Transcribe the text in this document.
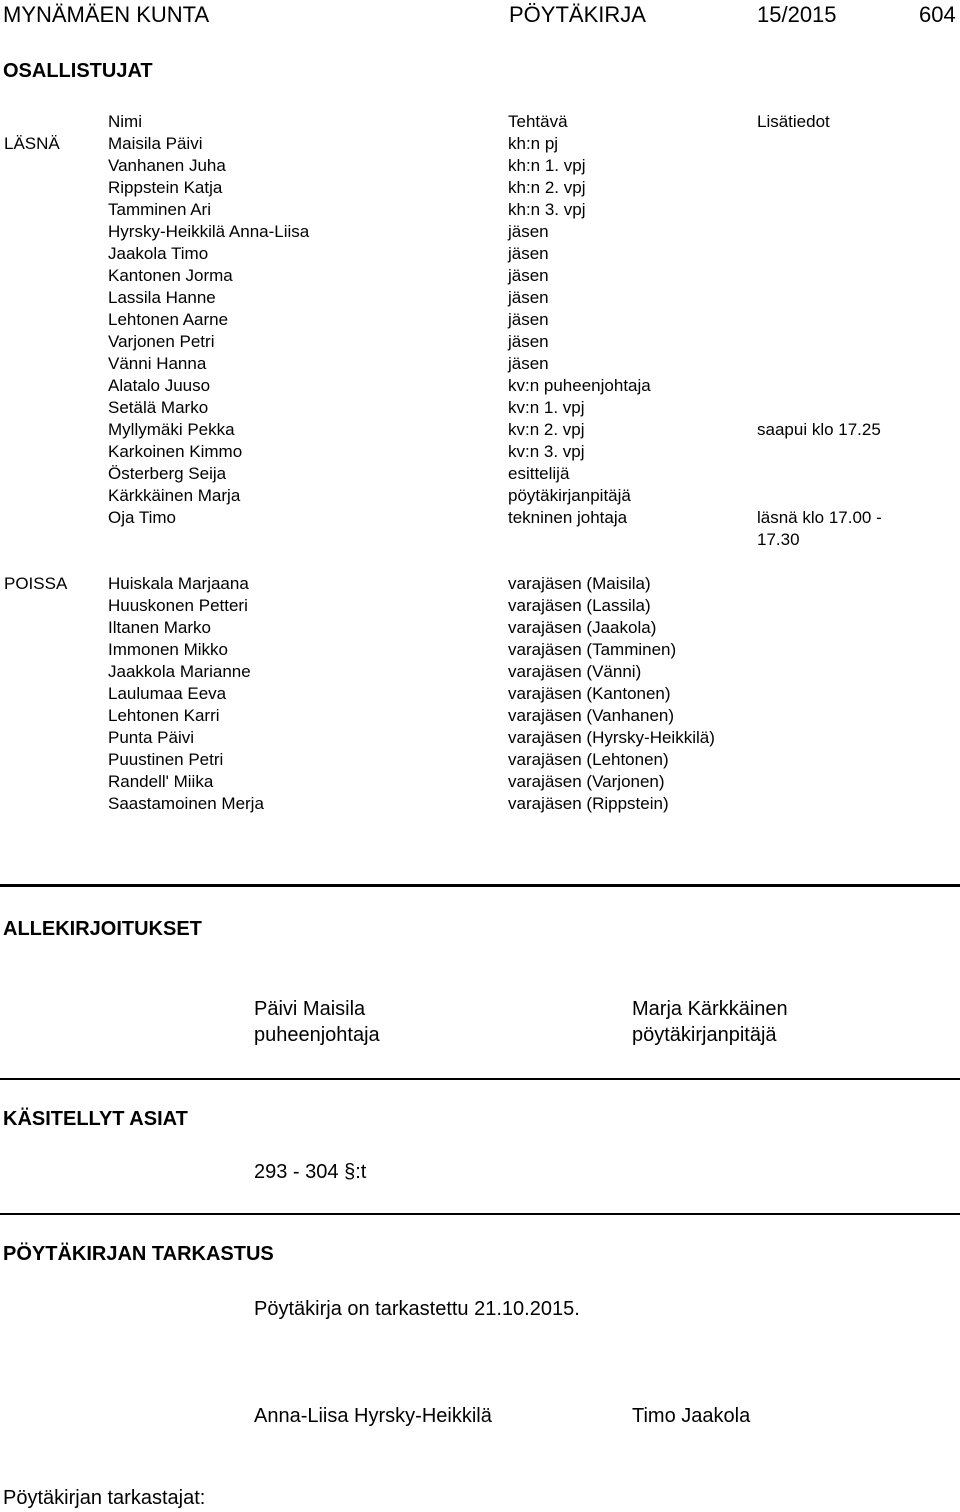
MYNÄMÄEN KUNTA	PÖYTÄKIRJA	15/2015	604
OSALLISTUJAT
Nimi	Tehtävä	Lisätiedot
LÄSNÄ	Maisila Päivi	kh:n pj
Vanhanen Juha	kh:n 1. vpj
Rippstein Katja	kh:n 2. vpj
Tamminen Ari	kh:n 3. vpj
Hyrsky-Heikkilä Anna-Liisa	jäsen
Jaakola Timo	jäsen
Kantonen Jorma	jäsen
Lassila Hanne	jäsen
Lehtonen Aarne	jäsen
Varjonen Petri	jäsen
Vänni Hanna	jäsen
Alatalo Juuso	kv:n puheenjohtaja
Setälä Marko	kv:n 1. vpj
Myllymäki Pekka	kv:n 2. vpj	saapui klo 17.25
Karkoinen Kimmo	kv:n 3. vpj
Österberg Seija	esittelijä
Kärkkäinen Marja	pöytäkirjanpitäjä
Oja Timo	tekninen johtaja	läsnä klo 17.00 -
17.30
POISSA Huiskala Marjaana	varajäsen (Maisila)
Huuskonen Petteri	varajäsen (Lassila)
Iltanen Marko	varajäsen (Jaakola)
Immonen Mikko	varajäsen (Tamminen)
Jaakkola Marianne	varajäsen (Vänni)
Laulumaa Eeva	varajäsen (Kantonen)
Lehtonen Karri	varajäsen (Vanhanen)
Punta Päivi	varajäsen (Hyrsky-Heikkilä)
Puustinen Petri	varajäsen (Lehtonen)
Randell' Miika	varajäsen (Varjonen)
Saastamoinen Merja	varajäsen (Rippstein)
ALLEKIRJOITUKSET
Päivi Maisila
puheenjohtaja
Marja Kärkkäinen
pöytäkirjanpitäjä
KÄSITELLYT ASIAT
293 - 304 §:t
PÖYTÄKIRJAN TARKASTUS
Pöytäkirja on tarkastettu 21.10.2015.
Anna-Liisa Hyrsky-Heikkilä	Timo Jaakola
Pöytäkirjan tarkastajat:
